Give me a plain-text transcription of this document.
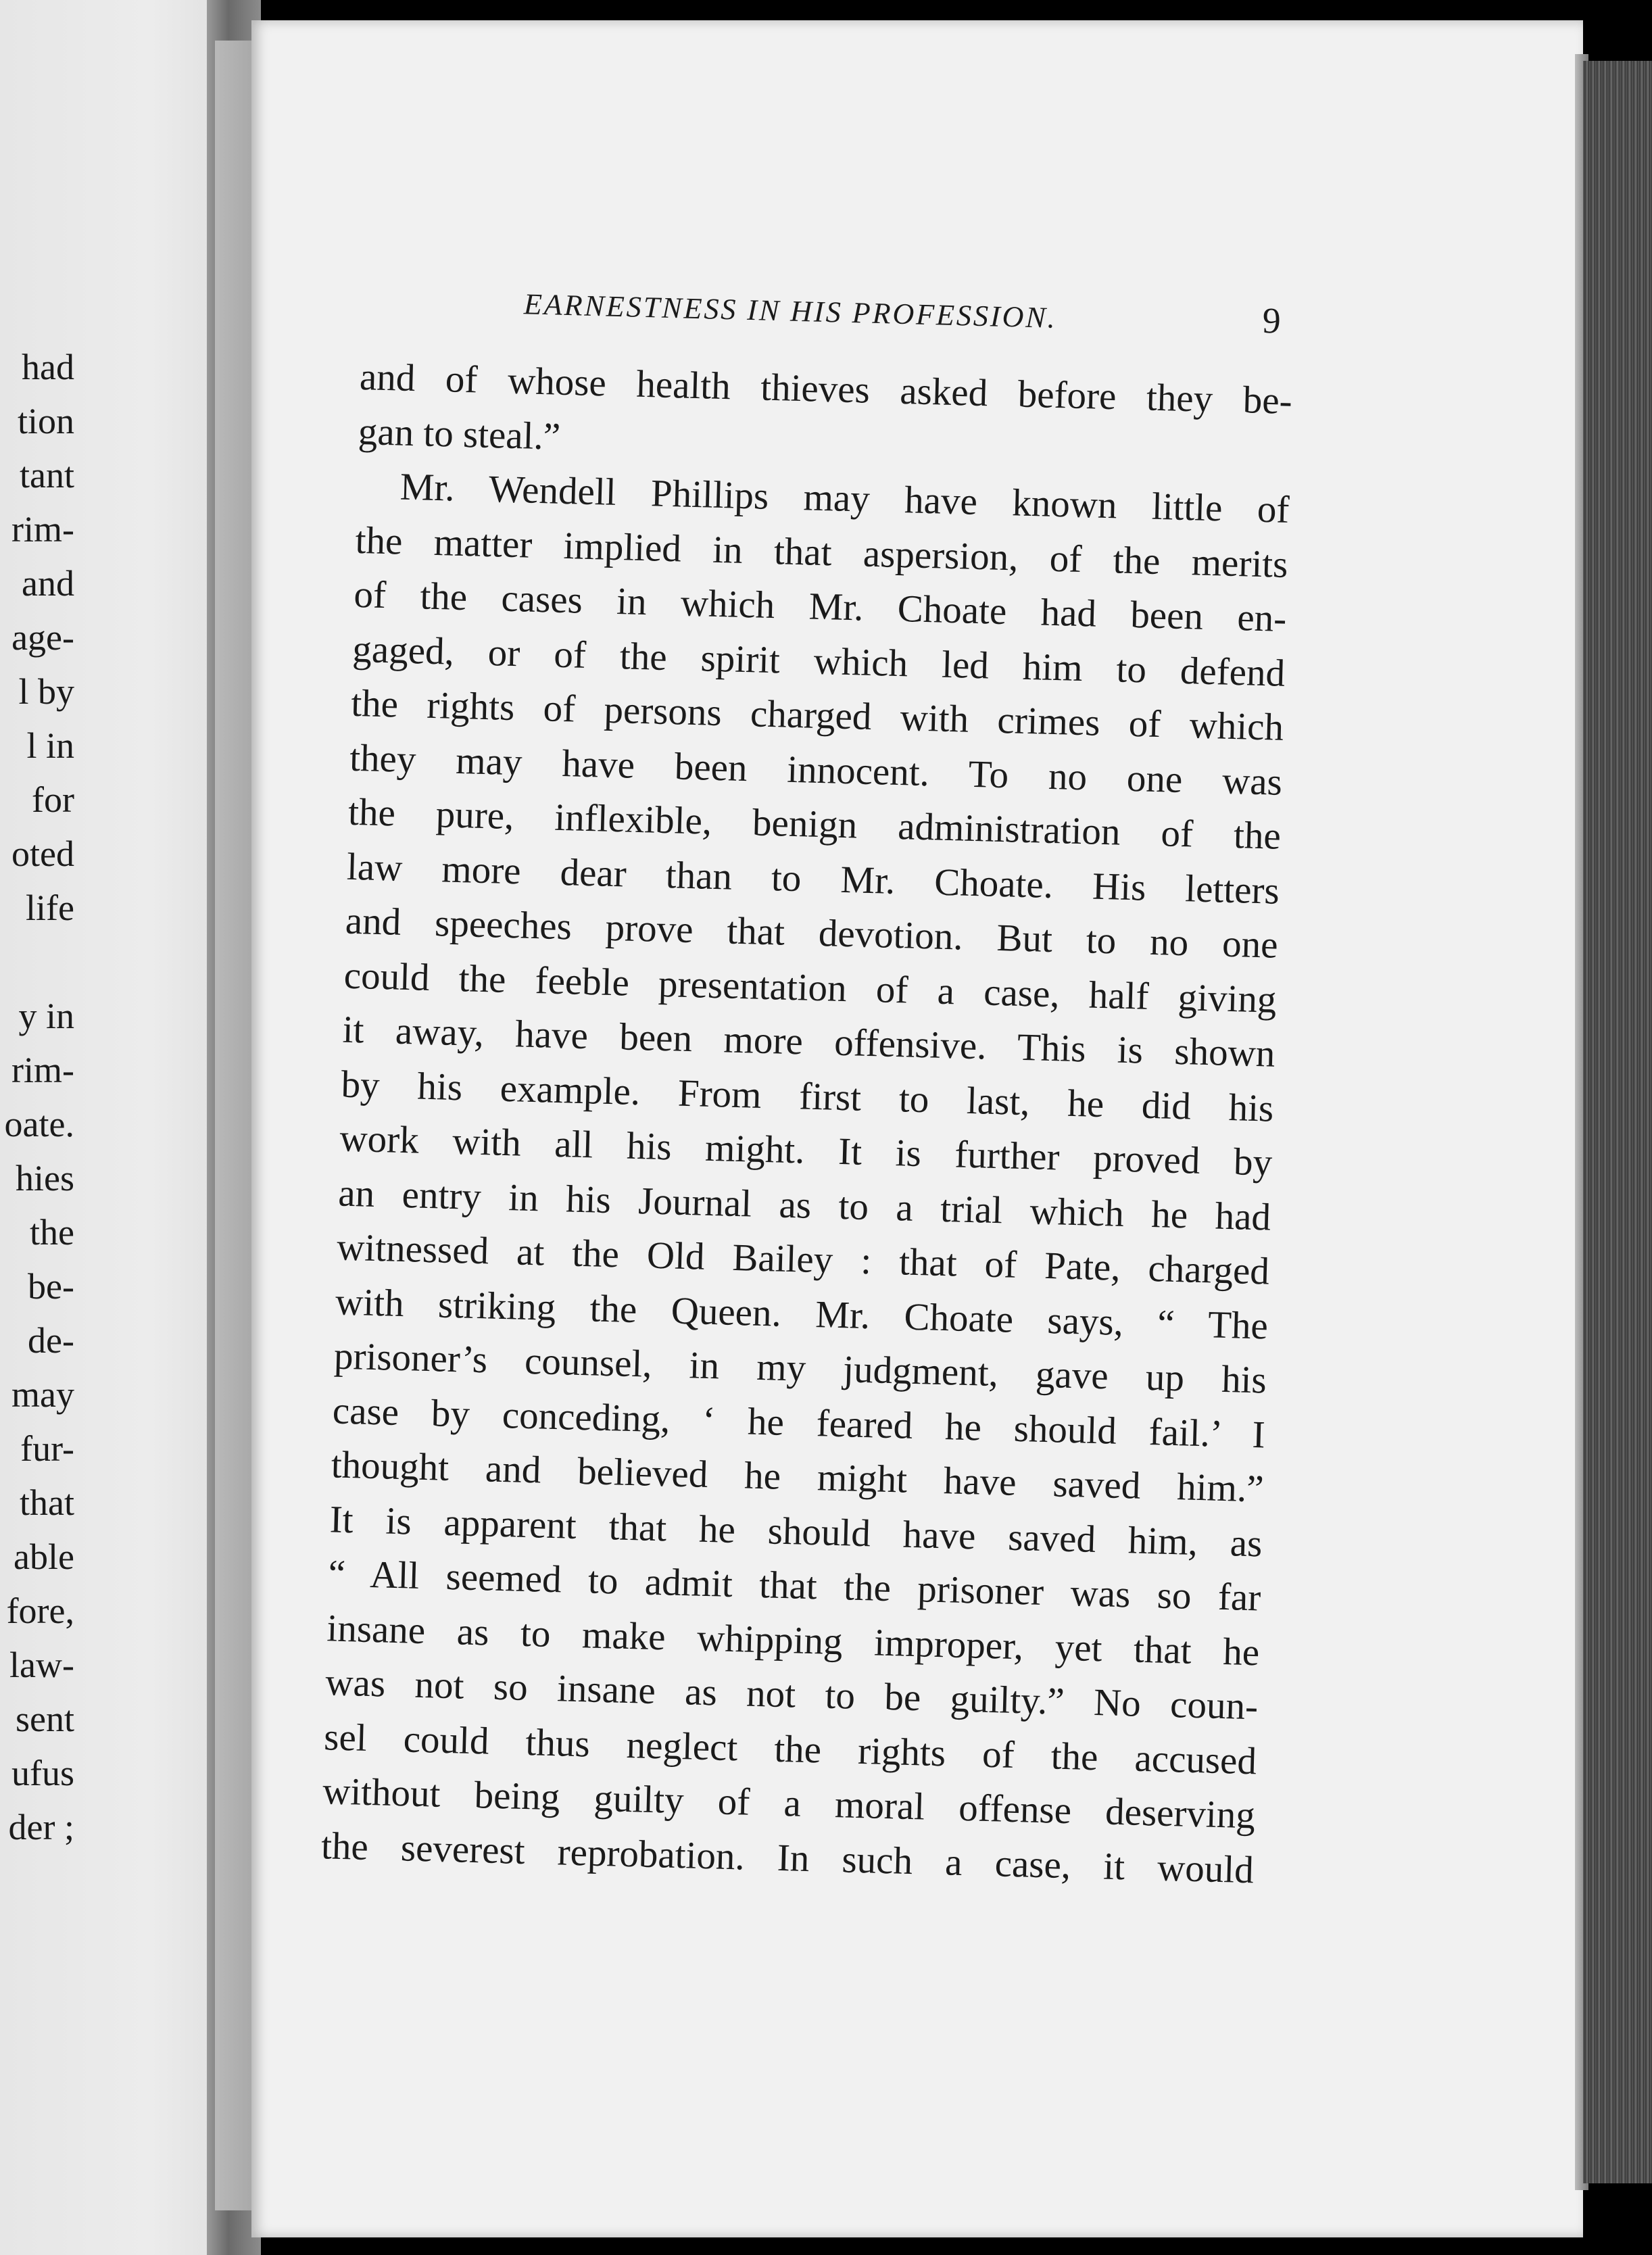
had
tion
tant
rim-
and
age-
l by
l in
for
oted
life
y in
rim-
oate.
hies
the
be-
de-
may
fur-
that
able
fore,
law-
sent
ufus
der ;
EARNESTNESS IN HIS PROFESSION.	9
and of whose health thieves asked before they be-
gan to steal.”
Mr. Wendell Phillips may have known little of
the matter implied in that aspersion, of the merits
of the cases in which Mr. Choate had been en-
gaged, or of the spirit which led him to defend
the rights of persons charged with crimes of which
they may have been innocent. To no one was
the pure, inflexible, benign administration of the
law more dear than to Mr. Choate. His letters
and speeches prove that devotion. But to no one
could the feeble presentation of a case, half giving
it away, have been more offensive. This is shown
by his example. From first to last, he did his
work with all his might. It is further proved by
an entry in his Journal as to a trial which he had
witnessed at the Old Bailey : that of Pate, charged
with striking the Queen. Mr. Choate says, “ The
prisoner’s counsel, in my judgment, gave up his
case by conceding, ‘ he feared he should fail.’ I
thought and believed he might have saved him.”
It is apparent that he should have saved him, as
“ All seemed to admit that the prisoner was so far
insane as to make whipping improper, yet that he
was not so insane as not to be guilty.” No coun-
sel could thus neglect the rights of the accused
without being guilty of a moral offense deserving
the severest reprobation. In such a case, it would
